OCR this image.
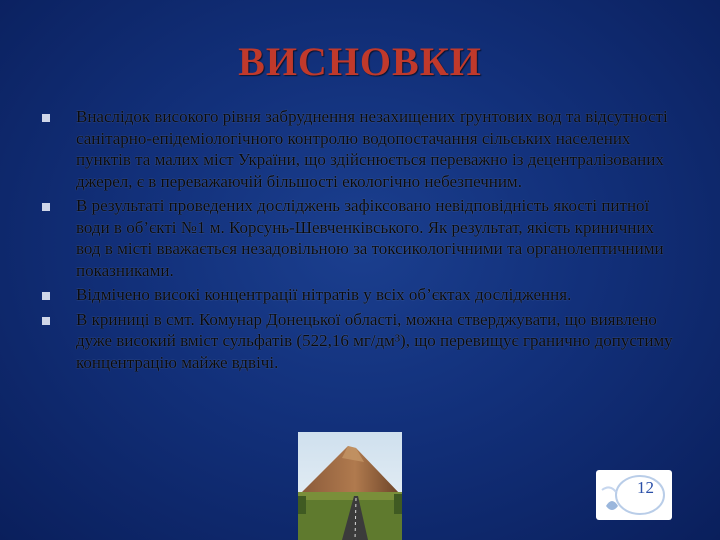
ВИСНОВКИ
Внаслідок високого рівня забруднення незахищених ґрунтових вод та відсутності санітарно-епідеміологічного контролю водопостачання сільських населених пунктів та малих міст України, що здійснюється переважно із децентралізованих джерел, є в переважаючій більшості екологічно небезпечним.
В результаті проведених досліджень зафіксовано невідповідність якості питної води в об’єкті №1 м. Корсунь-Шевченківського. Як результат, якість криничних вод в місті вважається незадовільною за токсикологічними та органолептичними показниками.
Відмічено високі концентрації нітратів у всіх об’єктах дослідження.
В криниці в смт. Комунар Донецької області, можна стверджувати, що виявлено дуже високий вміст сульфатів (522,16 мг/дм³), що перевищує гранично допустиму концентрацію майже вдвічі.
12
